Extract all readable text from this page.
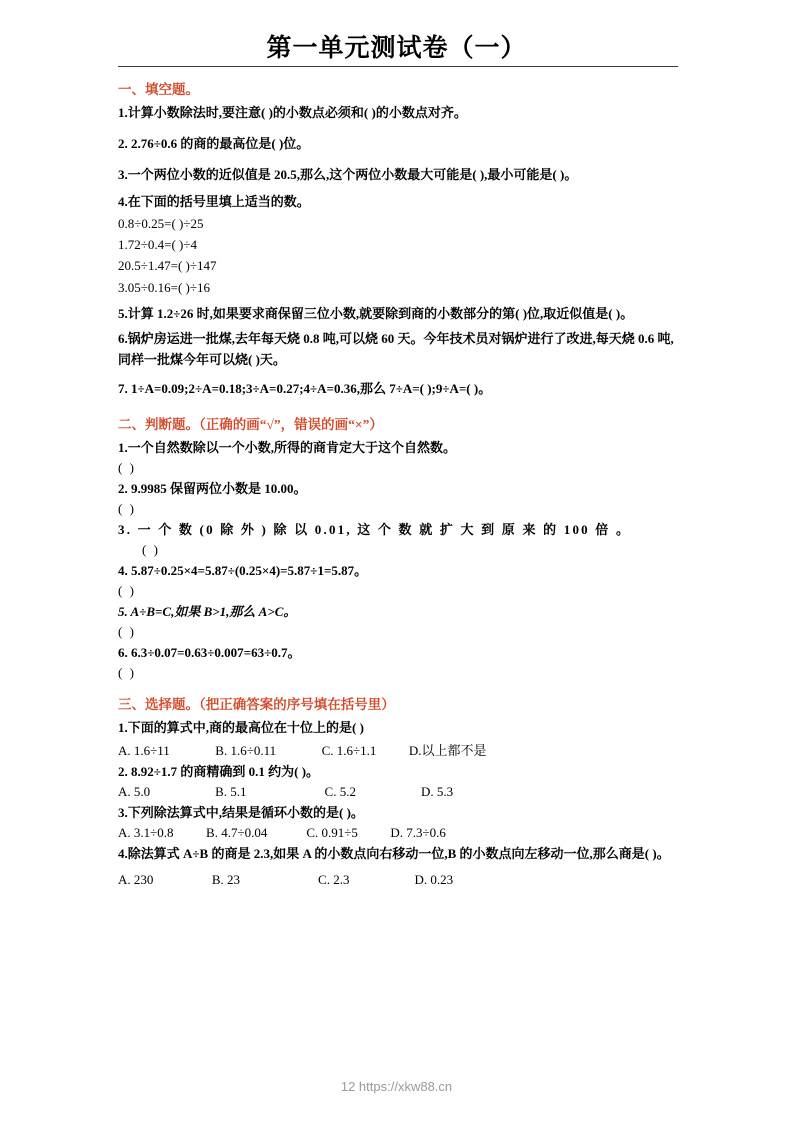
第一单元测试卷（一）
一、填空题。
1.计算小数除法时,要注意( )的小数点必须和( )的小数点对齐。
2. 2.76÷0.6 的商的最高位是( )位。
3.一个两位小数的近似值是 20.5,那么,这个两位小数最大可能是( ),最小可能是( )。
4.在下面的括号里填上适当的数。
0.8÷0.25=( )÷25
1.72÷0.4=( )÷4
20.5÷1.47=( )÷147
3.05÷0.16=( )÷16
5.计算 1.2÷26 时,如果要求商保留三位小数,就要除到商的小数部分的第( )位,取近似值是( )。
6.锅炉房运进一批煤,去年每天烧 0.8 吨,可以烧 60 天。今年技术员对锅炉进行了改进,每天烧 0.6 吨,同样一批煤今年可以烧( )天。
7. 1÷A=0.09;2÷A=0.18;3÷A=0.27;4÷A=0.36,那么 7÷A=( );9÷A=( )。
二、判断题。（正确的画“√”，错误的画“×”）
1.一个自然数除以一个小数,所得的商肯定大于这个自然数。
( )
2. 9.9985 保留两位小数是 10.00。
( )
3. 一 个 数 (0 除 外 ) 除 以 0.01, 这 个 数 就 扩 大 到 原 来 的 100 倍 。
( )
4. 5.87÷0.25×4=5.87÷(0.25×4)=5.87÷1=5.87。
( )
5. A÷B=C,如果 B>1,那么 A>C。
( )
6. 6.3÷0.07=0.63÷0.007=63÷0.7。
( )
三、选择题。（把正确答案的序号填在括号里）
1.下面的算式中,商的最高位在十位上的是( )
A. 1.6÷11              B. 1.6÷0.11              C. 1.6÷1.1          D.以上都不是
2. 8.92÷1.7 的商精确到 0.1 约为( )。
A. 5.0                    B. 5.1                        C. 5.2                    D. 5.3
3.下列除法算式中,结果是循环小数的是( )。
A. 3.1÷0.8          B. 4.7÷0.04            C. 0.91÷5          D. 7.3÷0.6
4.除法算式 A÷B 的商是 2.3,如果 A 的小数点向右移动一位,B 的小数点向左移动一位,那么商是( )。
A. 230                  B. 23                        C. 2.3                    D. 0.23
12 https://xkw88.cn
